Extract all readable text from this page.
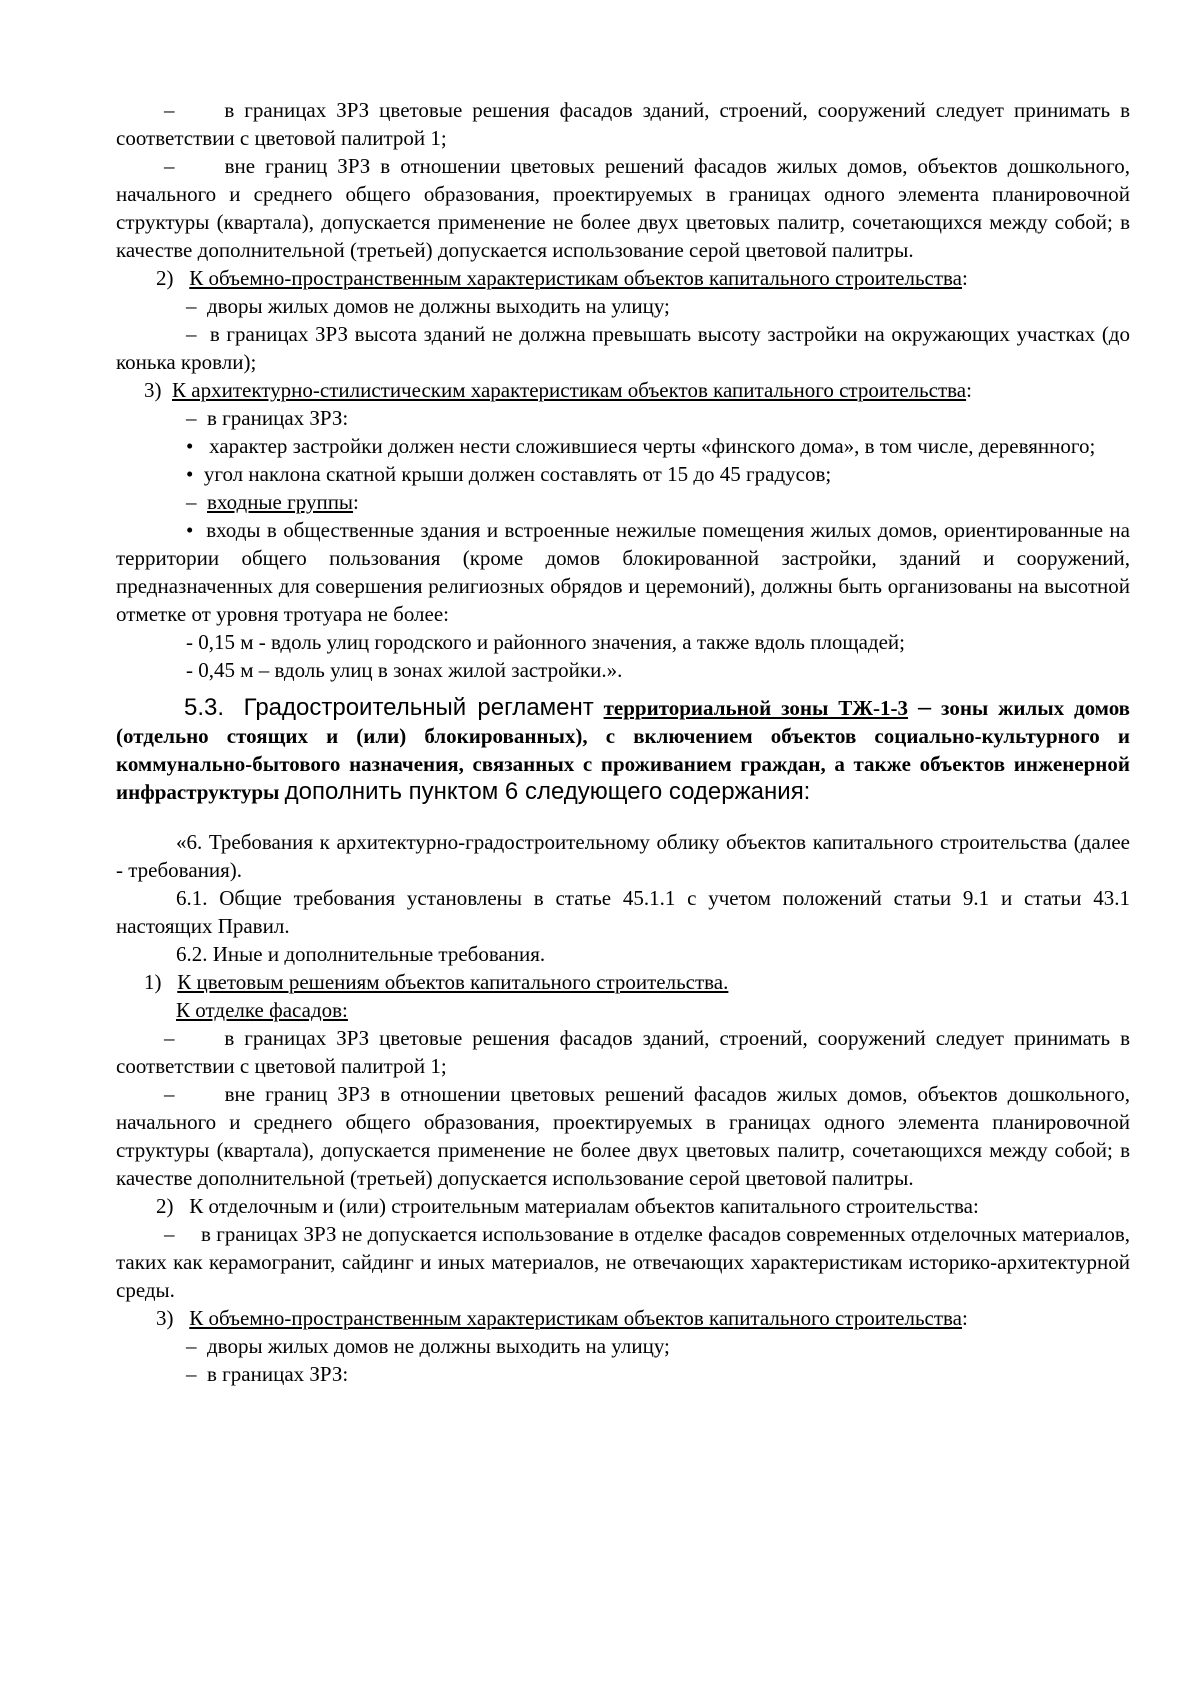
– в границах ЗРЗ цветовые решения фасадов зданий, строений, сооружений следует принимать в соответствии с цветовой палитрой 1;

– вне границ ЗРЗ в отношении цветовых решений фасадов жилых домов, объектов дошкольного, начального и среднего общего образования, проектируемых в границах одного элемента планировочной структуры (квартала), допускается применение не более двух цветовых палитр, сочетающихся между собой; в качестве дополнительной (третьей) допускается использование серой цветовой палитры.

2) К объемно-пространственным характеристикам объектов капитального строительства:

– дворы жилых домов не должны выходить на улицу;

– в границах ЗРЗ высота зданий не должна превышать высоту застройки на окружающих участках (до конька кровли);

3) К архитектурно-стилистическим характеристикам объектов капитального строительства:

– в границах ЗРЗ:

• характер застройки должен нести сложившиеся черты «финского дома», в том числе, деревянного;

• угол наклона скатной крыши должен составлять от 15 до 45 градусов;

– входные группы:

• входы в общественные здания и встроенные нежилые помещения жилых домов, ориентированные на территории общего пользования (кроме домов блокированной застройки, зданий и сооружений, предназначенных для совершения религиозных обрядов и церемоний), должны быть организованы на высотной отметке от уровня тротуара не более:

- 0,15 м - вдоль улиц городского и районного значения, а также вдоль площадей;

- 0,45 м – вдоль улиц в зонах жилой застройки.».

5.3. Градостроительный регламент территориальной зоны ТЖ-1-3 – зоны жилых домов (отдельно стоящих и (или) блокированных), с включением объектов социально-культурного и коммунально-бытового назначения, связанных с проживанием граждан, а также объектов инженерной инфраструктуры дополнить пунктом 6 следующего содержания:

«6. Требования к архитектурно-градостроительному облику объектов капитального строительства (далее - требования).

6.1. Общие требования установлены в статье 45.1.1 с учетом положений статьи 9.1 и статьи 43.1 настоящих Правил.

6.2. Иные и дополнительные требования.

1) К цветовым решениям объектов капитального строительства.

К отделке фасадов:

– в границах ЗРЗ цветовые решения фасадов зданий, строений, сооружений следует принимать в соответствии с цветовой палитрой 1;

– вне границ ЗРЗ в отношении цветовых решений фасадов жилых домов, объектов дошкольного, начального и среднего общего образования, проектируемых в границах одного элемента планировочной структуры (квартала), допускается применение не более двух цветовых палитр, сочетающихся между собой; в качестве дополнительной (третьей) допускается использование серой цветовой палитры.

2) К отделочным и (или) строительным материалам объектов капитального строительства:

– в границах ЗРЗ не допускается использование в отделке фасадов современных отделочных материалов, таких как керамогранит, сайдинг и иных материалов, не отвечающих характеристикам историко-архитектурной среды.

3) К объемно-пространственным характеристикам объектов капитального строительства:

– дворы жилых домов не должны выходить на улицу;

– в границах ЗРЗ:
